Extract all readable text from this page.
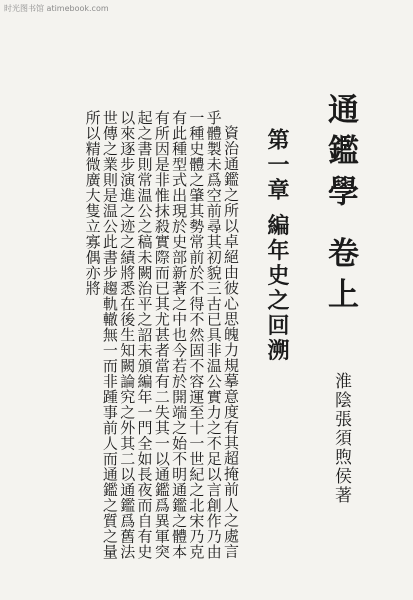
时光图书馆 atimebook.com
通鑑學 卷上
淮陰張須煦侯著
第一章 編年史之回溯

資治通鑑之所以卓絕由彼心思魄力規摹意度有其超掩前人之處言乎體製未爲空前尋其初貌三古已具非温公實力之不足以言創作乃由一種史體之肇其勢常前於不得不然固不容運至十一世紀之北宋乃克有此種型式出現於史部新著之中也今若於開端之始不明通鑑之體本有所因是非惟抹殺實際而已其尤甚者當有二失其一以通鑑爲異軍突起之書則常温公之稿未闕治平之詔未頒編年一門全如長夜而自有史以來逐步演進之迹之績將悉在後生知闕論究之外其二以通鑑爲舊法世傳之業則是温公此書步趨軌轍無一而非踵事前人而通鑑之質之量所以精微廣大隻立寡偶亦將
